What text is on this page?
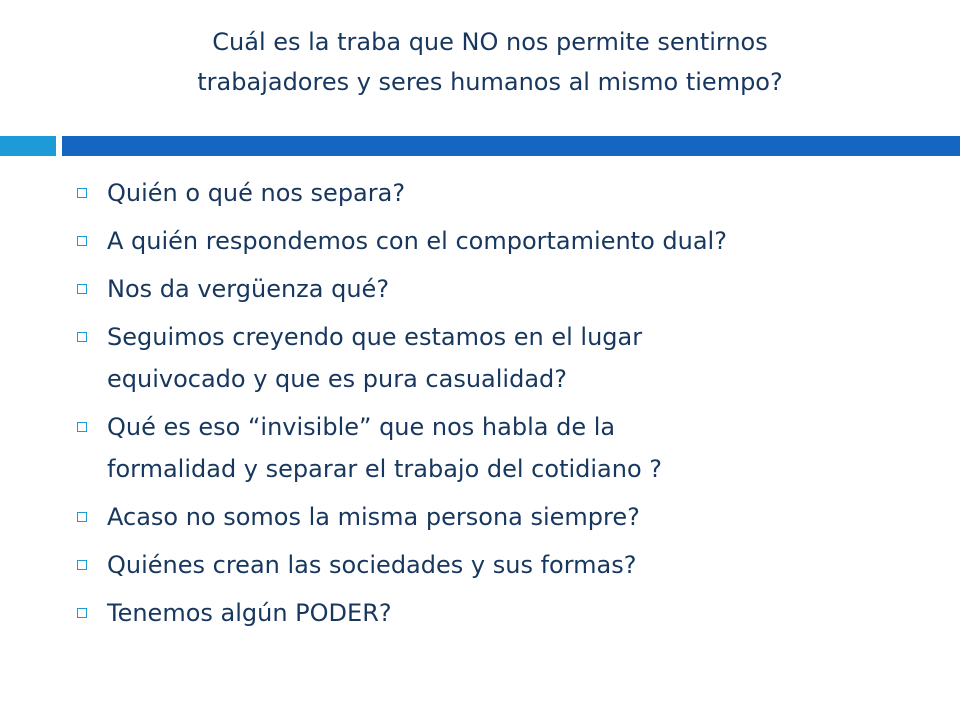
Cuál es la traba que NO nos permite sentirnos
trabajadores y seres humanos al mismo tiempo?
Quién o qué nos separa?
A quién respondemos con el comportamiento dual?
Nos da vergüenza qué?
Seguimos creyendo que estamos en el lugar
equivocado y que es pura casualidad?
Qué es eso “invisible” que nos habla de la
formalidad y separar el trabajo del cotidiano ?
Acaso no somos la misma persona siempre?
Quiénes crean las sociedades y sus formas?
Tenemos algún PODER?
